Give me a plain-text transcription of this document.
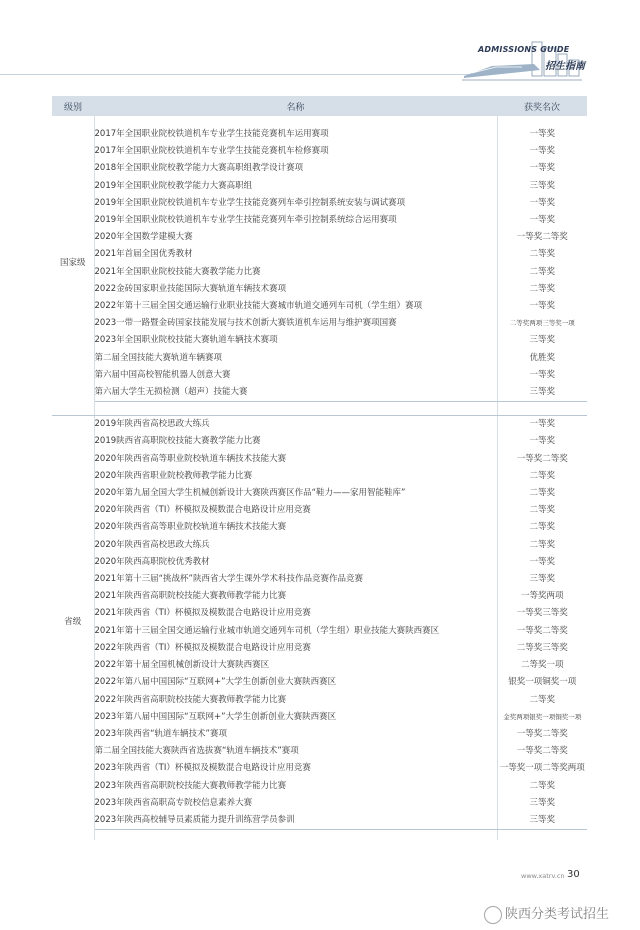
ADMISSIONS GUIDE
招生指南
级别	名称	获奖名次

国家级	2017年全国职业院校铁道机车专业学生技能竞赛机车运用赛项	一等奖
	2017年全国职业院校铁道机车专业学生技能竞赛机车检修赛项	一等奖
	2018年全国职业院校教学能力大赛高职组教学设计赛项	一等奖
	2019年全国职业院校教学能力大赛高职组	三等奖
	2019年全国职业院校铁道机车专业学生技能竞赛列车牵引控制系统安装与调试赛项	一等奖
	2019年全国职业院校铁道机车专业学生技能竞赛列车牵引控制系统综合运用赛项	一等奖
	2020年全国数学建模大赛	一等奖二等奖
	2021年首届全国优秀教材	二等奖
	2021年全国职业院校技能大赛教学能力比赛	二等奖
	2022金砖国家职业技能国际大赛轨道车辆技术赛项	二等奖
	2022年第十三届全国交通运输行业职业技能大赛城市轨道交通列车司机（学生组）赛项	一等奖
	2023一带一路暨金砖国家技能发展与技术创新大赛铁道机车运用与维护赛项国赛	二等奖两项三等奖一项
	2023年全国职业院校技能大赛轨道车辆技术赛项	三等奖
	第二届全国技能大赛轨道车辆赛项	优胜奖
	第六届中国高校智能机器人创意大赛	一等奖
	第六届大学生无损检测（超声）技能大赛	三等奖

省级	2019年陕西省高校思政大练兵	一等奖
	2019陕西省高职院校技能大赛教学能力比赛	一等奖
	2020年陕西省高等职业院校轨道车辆技术技能大赛	一等奖二等奖
	2020年陕西省职业院校教师教学能力比赛	二等奖
	2020年第九届全国大学生机械创新设计大赛陕西赛区作品“鞋力——家用智能鞋库”	二等奖
	2020年陕西省（TI）杯模拟及模数混合电路设计应用竞赛	二等奖
	2020年陕西省高等职业院校轨道车辆技术技能大赛	二等奖
	2020年陕西省高校思政大练兵	二等奖
	2020年陕西高职院校优秀教材	一等奖
	2021年第十三届“挑战杯”陕西省大学生课外学术科技作品竞赛作品竞赛	三等奖
	2021年陕西省高职院校技能大赛教师教学能力比赛	一等奖两项
	2021年陕西省（TI）杯模拟及模数混合电路设计应用竞赛	一等奖三等奖
	2021年第十三届全国交通运输行业城市轨道交通列车司机（学生组）职业技能大赛陕西赛区	一等奖二等奖
	2022年陕西省（TI）杯模拟及模数混合电路设计应用竞赛	二等奖三等奖
	2022年第十届全国机械创新设计大赛陕西赛区	二等奖一项
	2022年第八届中国国际“互联网+”大学生创新创业大赛陕西赛区	银奖一项铜奖一项
	2022年陕西省高职院校技能大赛教师教学能力比赛	二等奖
	2023年第八届中国国际“互联网+”大学生创新创业大赛陕西赛区	金奖两项银奖一项铜奖一项
	2023年陕西省“轨道车辆技术”赛项	一等奖二等奖
	第二届全国技能大赛陕西省选拔赛“轨道车辆技术”赛项	一等奖二等奖
	2023年陕西省（TI）杯模拟及模数混合电路设计应用竞赛	一等奖一项二等奖两项
	2023年陕西省高职院校技能大赛教师教学能力比赛	二等奖
	2023年陕西省高职高专院校信息素养大赛	三等奖
	2023年陕西高校辅导员素质能力提升训练营学员参训	三等奖

www.xatrv.cn 30
陕西分类考试招生
